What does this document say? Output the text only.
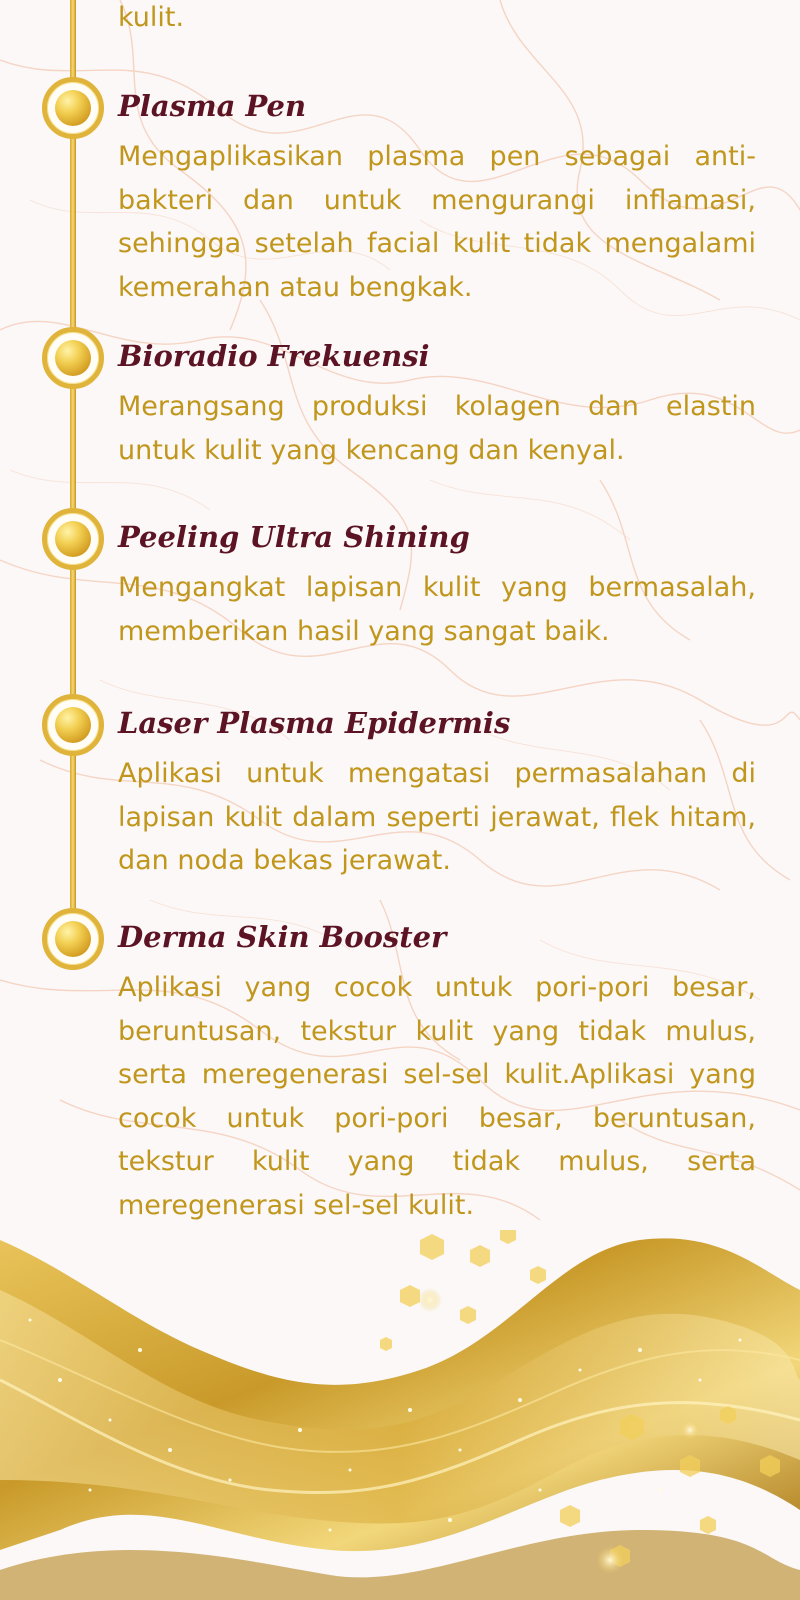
kulit.

Plasma Pen

Mengaplikasikan plasma pen sebagai anti-bakteri dan untuk mengurangi inflamasi, sehingga setelah facial kulit tidak mengalami kemerahan atau bengkak.

Bioradio Frekuensi

Merangsang produksi kolagen dan elastin untuk kulit yang kencang dan kenyal.

Peeling Ultra Shining

Mengangkat lapisan kulit yang bermasalah, memberikan hasil yang sangat baik.

Laser Plasma Epidermis

Aplikasi untuk mengatasi permasalahan di lapisan kulit dalam seperti jerawat, flek hitam, dan noda bekas jerawat.

Derma Skin Booster

Aplikasi yang cocok untuk pori-pori besar, beruntusan, tekstur kulit yang tidak mulus, serta meregenerasi sel-sel kulit.Aplikasi yang cocok untuk pori-pori besar, beruntusan, tekstur kulit yang tidak mulus, serta meregenerasi sel-sel kulit.
